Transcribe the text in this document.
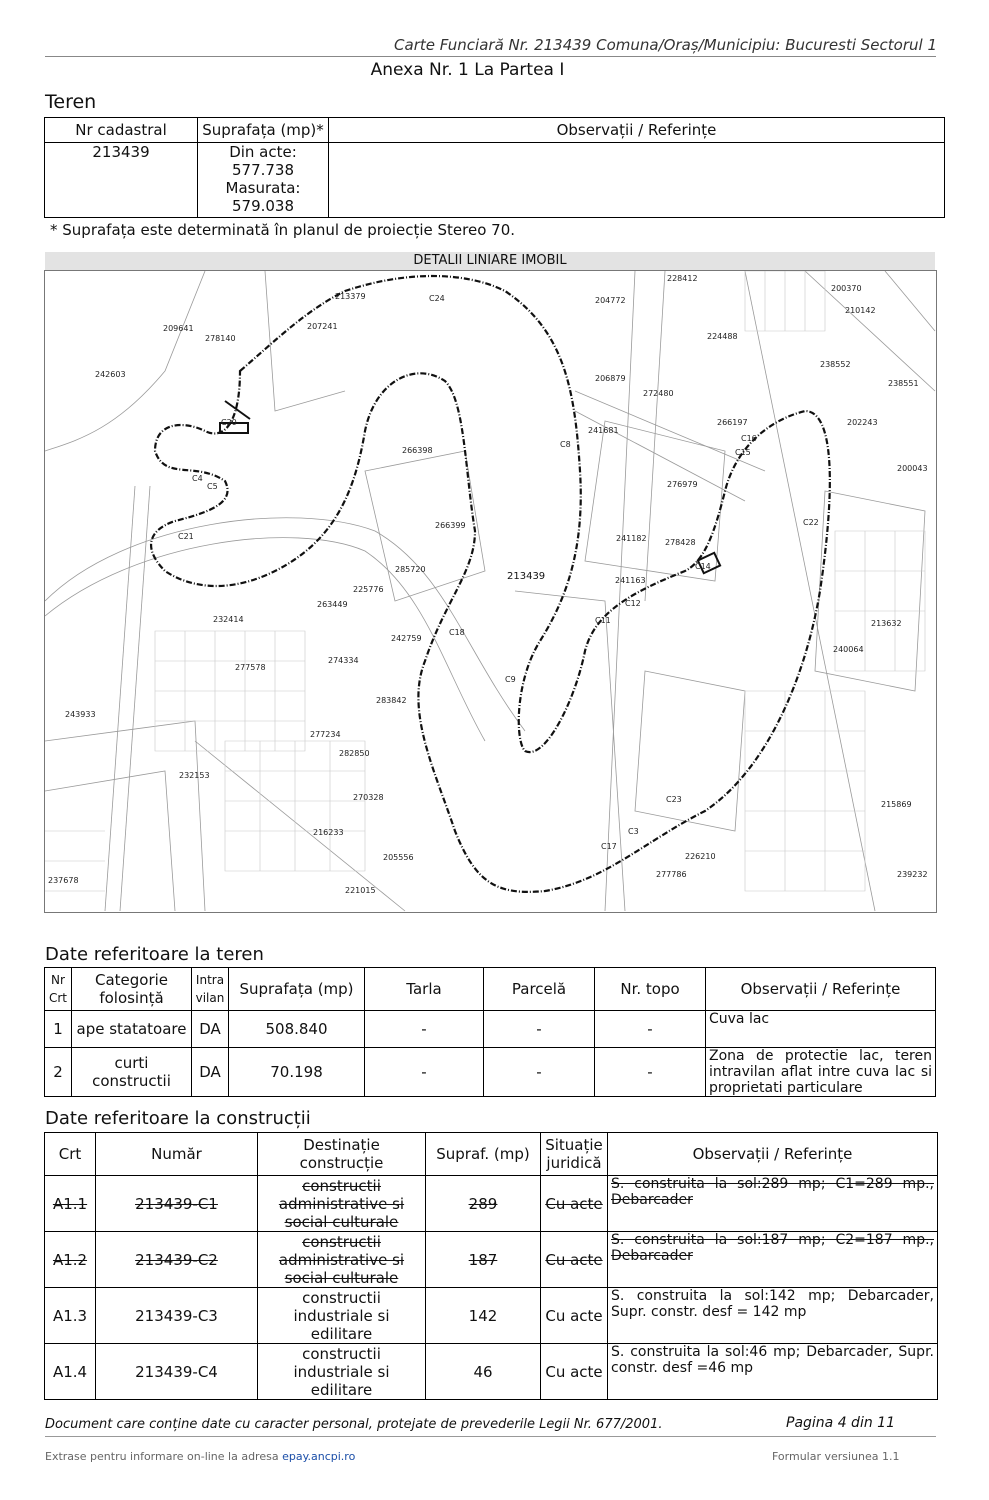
Carte Funciară Nr. 213439 Comuna/Oraș/Municipiu: Bucuresti Sectorul 1
Anexa Nr. 1 La Partea I
Teren
Nr cadastral	Suprafața (mp)*	Observații / Referințe
213439	Din acte:
577.738
Masurata:
579.038	

* Suprafața este determinată în planul de proiecție Stereo 70.
DETALII LINIARE IMOBIL
213379
209641
278140
242603
207241
204772
224488
228412
200370
210142
238552
238551
202243
200043
206879
272480
266197
241681
266398
276979
266399
241182 278428
285720
225776
241163
263449
232414
242759
240064
274334
277578
243933
283842
277234
282850
232153
270328
216233
205556
221015
237678
226210
277786
215869
239232
213632
C24
C20
C4
C5
C21
C22
C16
C15
C14
C12
C11
C18
C9
C8
C23
C17
C3
213439
Date referitoare la teren
Nr Crt	Categorie folosință	Intra vilan	Suprafața (mp)	Tarla	Parcelă	Nr. topo	Observații / Referințe
1	ape statatoare	DA	508.840	-	-	-	Cuva lac
2	curti constructii	DA	70.198	-	-	-	Zona de protectie lac, teren intravilan aflat intre cuva lac si proprietati particulare
Date referitoare la construcții
Crt	Număr	Destinație construcție	Supraf. (mp)	Situație juridică	Observații / Referințe
A1.1	213439-C1	constructii administrative si social culturale	289	Cu acte	S. construita la sol:289 mp; C1=289 mp., Debarcader
A1.2	213439-C2	constructii administrative si social culturale	187	Cu acte	S. construita la sol:187 mp; C2=187 mp., Debarcader
A1.3	213439-C3	constructii industriale si edilitare	142	Cu acte	S. construita la sol:142 mp; Debarcader, Supr. constr. desf = 142 mp
A1.4	213439-C4	constructii industriale si edilitare	46	Cu acte	S. construita la sol:46 mp; Debarcader, Supr. constr. desf =46 mp
Document care conține date cu caracter personal, protejate de prevederile Legii Nr. 677/2001.	Pagina 4 din 11
Extrase pentru informare on-line la adresa epay.ancpi.ro	Formular versiunea 1.1
